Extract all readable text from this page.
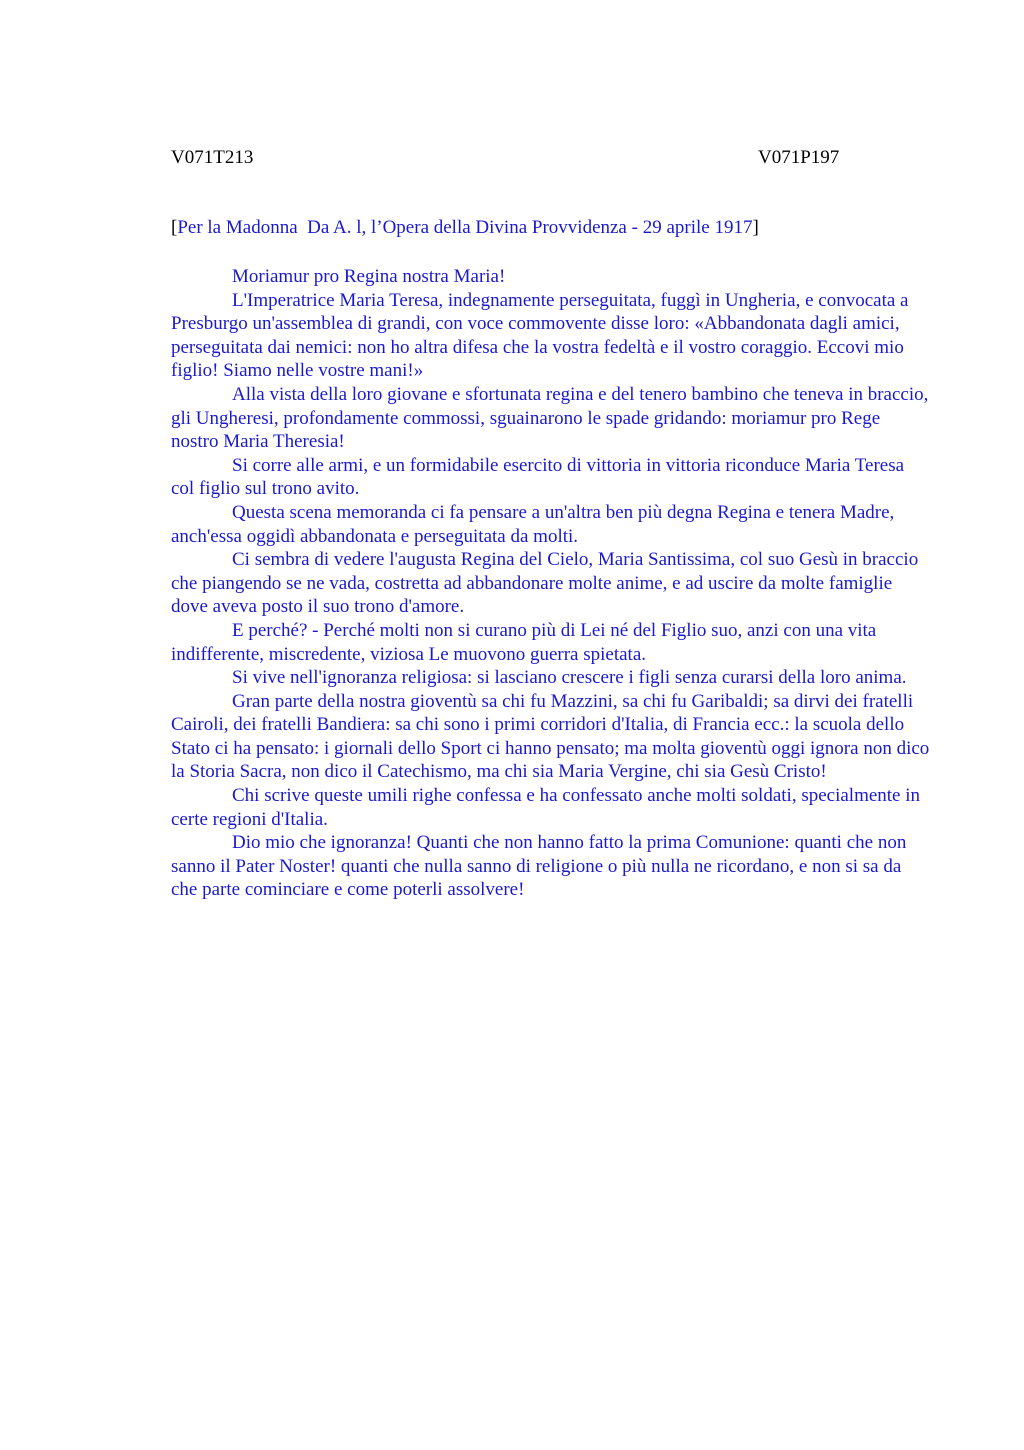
V071T213	V071P197
[Per la Madonna  Da A. l, l’Opera della Divina Provvidenza - 29 aprile 1917]

Moriamur pro Regina nostra Maria!

L'Imperatrice Maria Teresa, indegnamente perseguitata, fuggì in Ungheria, e convocata a Presburgo un'assemblea di grandi, con voce commovente disse loro: «Abbandonata dagli amici, perseguitata dai nemici: non ho altra difesa che la vostra fedeltà e il vostro coraggio. Eccovi mio figlio! Siamo nelle vostre mani!»

Alla vista della loro giovane e sfortunata regina e del tenero bambino che teneva in braccio, gli Ungheresi, profondamente commossi, sguainarono le spade gridando: moriamur pro Rege nostro Maria Theresia!

Si corre alle armi, e un formidabile esercito di vittoria in vittoria riconduce Maria Teresa col figlio sul trono avito.

Questa scena memoranda ci fa pensare a un'altra ben più degna Regina e tenera Madre, anch'essa oggidì abbandonata e perseguitata da molti.

Ci sembra di vedere l'augusta Regina del Cielo, Maria Santissima, col suo Gesù in braccio che piangendo se ne vada, costretta ad abbandonare molte anime, e ad uscire da molte famiglie dove aveva posto il suo trono d'amore.

E perché? - Perché molti non si curano più di Lei né del Figlio suo, anzi con una vita indifferente, miscredente, viziosa Le muovono guerra spietata.

Si vive nell'ignoranza religiosa: si lasciano crescere i figli senza curarsi della loro anima.

Gran parte della nostra gioventù sa chi fu Mazzini, sa chi fu Garibaldi; sa dirvi dei fratelli Cairoli, dei fratelli Bandiera: sa chi sono i primi corridori d'Italia, di Francia ecc.: la scuola dello Stato ci ha pensato: i giornali dello Sport ci hanno pensato; ma molta gioventù oggi ignora non dico la Storia Sacra, non dico il Catechismo, ma chi sia Maria Vergine, chi sia Gesù Cristo!

Chi scrive queste umili righe confessa e ha confessato anche molti soldati, specialmente in certe regioni d'Italia.

Dio mio che ignoranza! Quanti che non hanno fatto la prima Comunione: quanti che non sanno il Pater Noster! quanti che nulla sanno di religione o più nulla ne ricordano, e non si sa da che parte cominciare e come poterli assolvere!
